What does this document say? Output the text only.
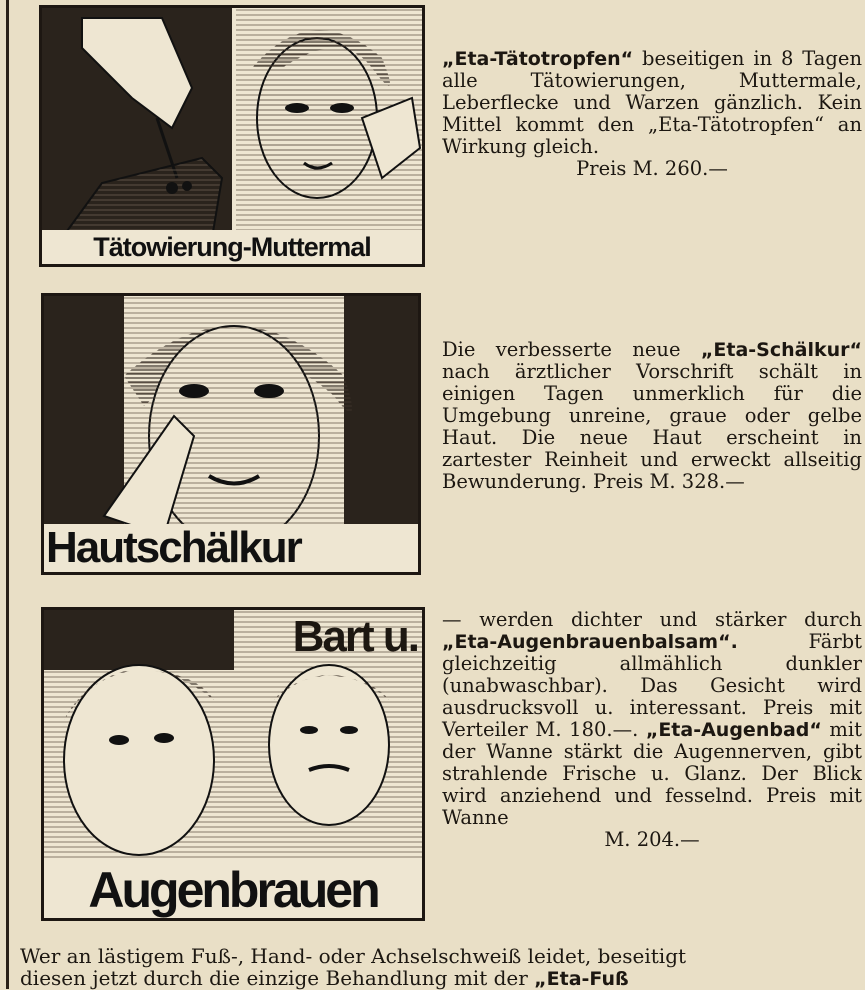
Tätowierung-Muttermal

„Eta-Tätotropfen“ beseitigen in 8 Tagen alle Tätowierungen, Muttermale, Leberflecke und Warzen gänzlich. Kein Mittel kommt den „Eta-Tätotropfen“ an Wirkung gleich.

Preis M. 260.—

Hautschälkur

Die verbesserte neue „Eta-Schälkur“ nach ärztlicher Vorschrift schält in einigen Tagen unmerklich für die Umgebung unreine, graue oder gelbe Haut. Die neue Haut erscheint in zartester Reinheit und erweckt allseitig Bewunderung. Preis M. 328.—

Bart u.
Augenbrauen

— werden dichter und stärker durch „Eta-Augenbrauenbalsam“. Färbt gleichzeitig allmählich dunkler (unabwaschbar). Das Gesicht wird ausdrucksvoll u. interessant. Preis mit Verteiler M. 180.—. „Eta-Augenbad“ mit der Wanne stärkt die Augennerven, gibt strahlende Frische u. Glanz. Der Blick wird anziehend und fesselnd. Preis mit Wanne

M. 204.—

Wer an lästigem Fuß-, Hand- oder Achselschweiß leidet, beseitigt
diesen jetzt durch die einzige Behandlung mit der „Eta-Fuß
